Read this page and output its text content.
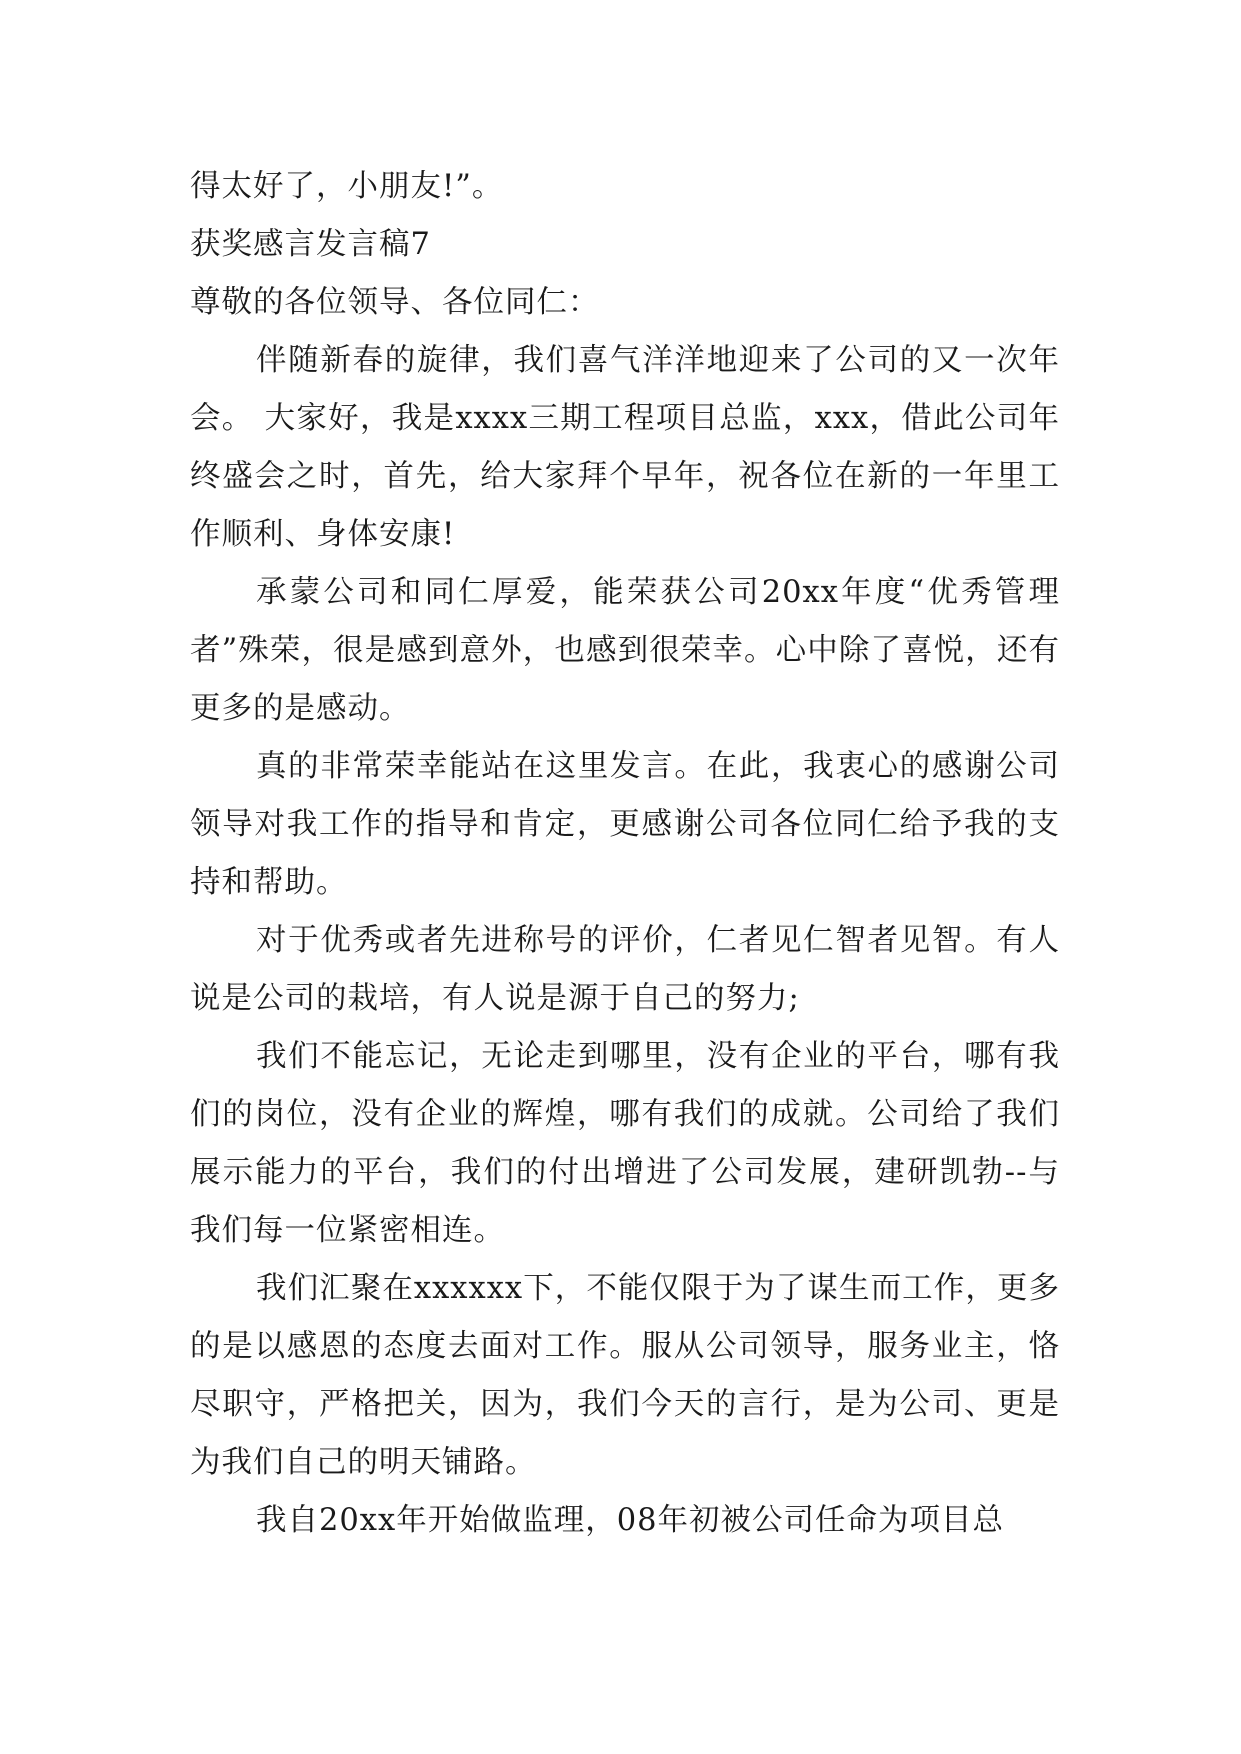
得太好了，小朋友!”。

获奖感言发言稿7

尊敬的各位领导、各位同仁：

伴随新春的旋律，我们喜气洋洋地迎来了公司的又一次年会。 大家好，我是xxxx三期工程项目总监，xxx，借此公司年终盛会之时，首先，给大家拜个早年，祝各位在新的一年里工作顺利、身体安康!

承蒙公司和同仁厚爱，能荣获公司20xx年度“优秀管理者”殊荣，很是感到意外，也感到很荣幸。心中除了喜悦，还有更多的是感动。

真的非常荣幸能站在这里发言。在此，我衷心的感谢公司领导对我工作的指导和肯定，更感谢公司各位同仁给予我的支持和帮助。

对于优秀或者先进称号的评价，仁者见仁智者见智。有人说是公司的栽培，有人说是源于自己的努力;

我们不能忘记，无论走到哪里，没有企业的平台，哪有我们的岗位，没有企业的辉煌，哪有我们的成就。公司给了我们展示能力的平台，我们的付出增进了公司发展，建研凯勃--与我们每一位紧密相连。

我们汇聚在xxxxxx下，不能仅限于为了谋生而工作，更多的是以感恩的态度去面对工作。服从公司领导，服务业主，恪尽职守，严格把关，因为，我们今天的言行，是为公司、更是为我们自己的明天铺路。

我自20xx年开始做监理，08年初被公司任命为项目总
